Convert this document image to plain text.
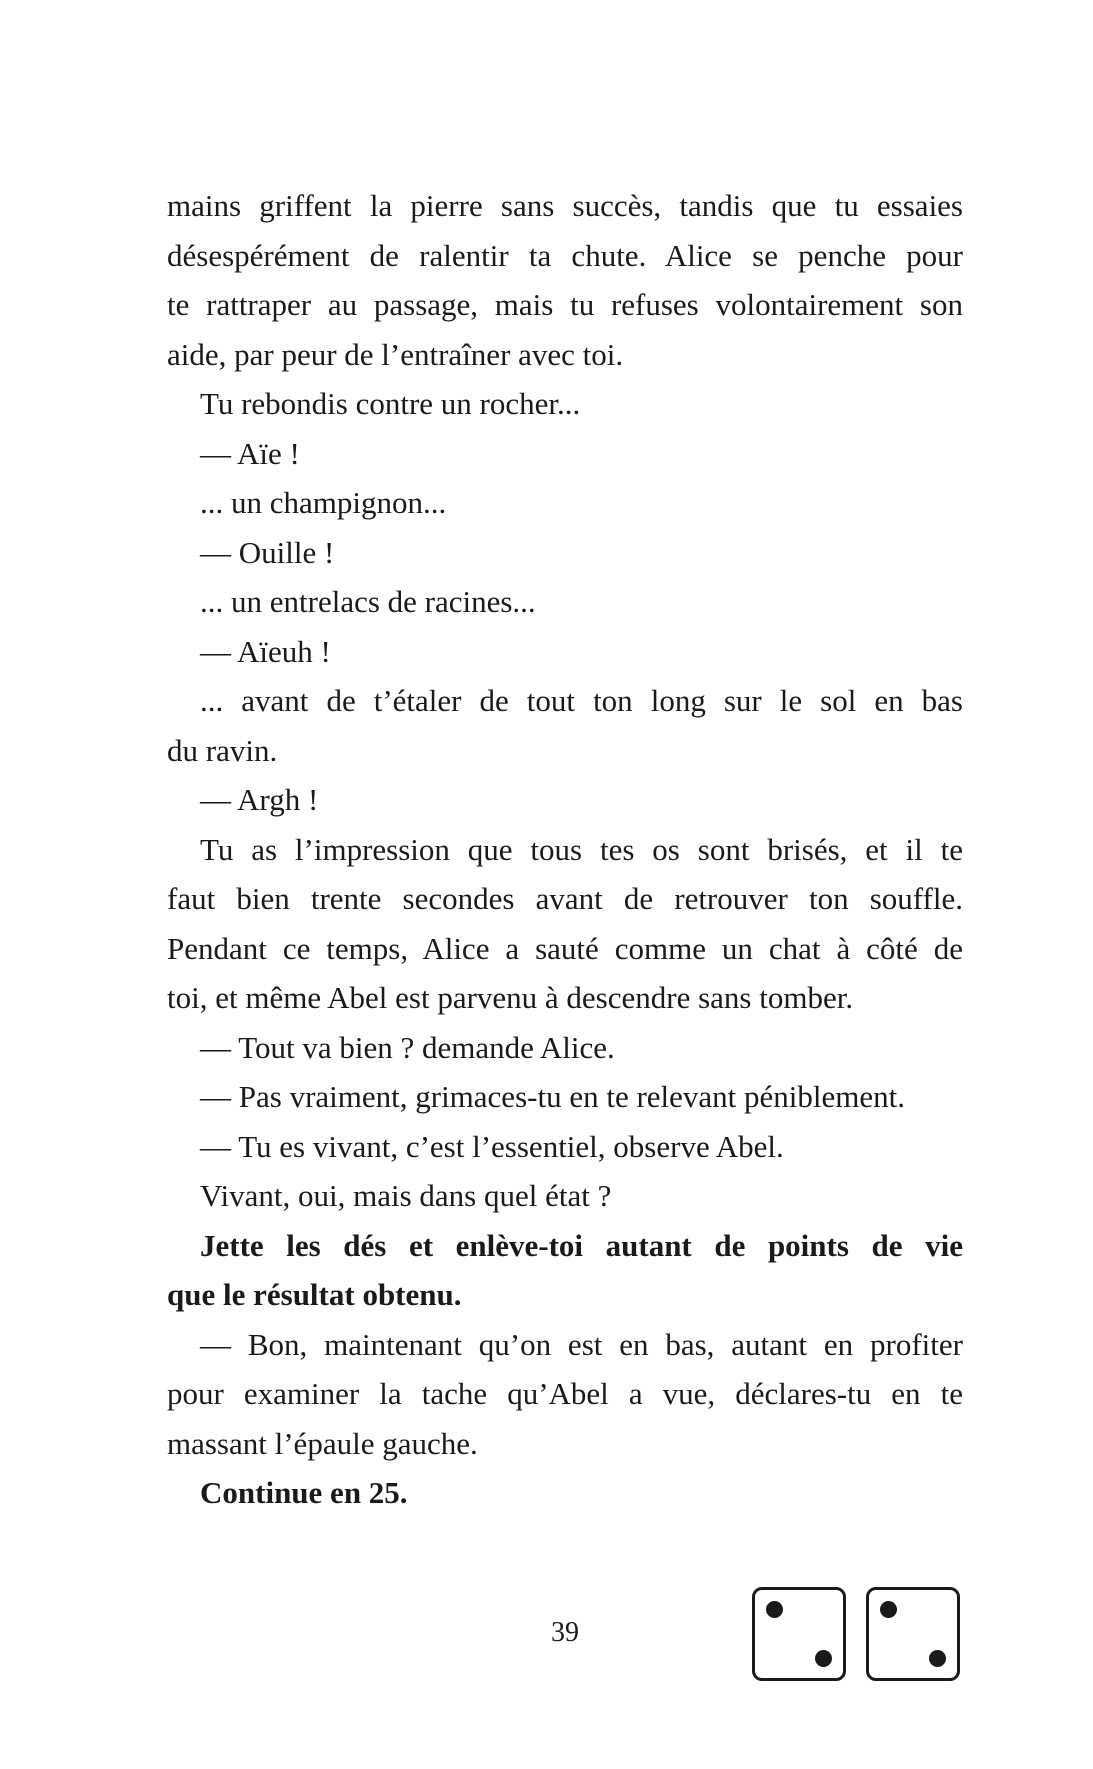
mains griffent la pierre sans succès, tandis que tu essaies
désespérément de ralentir ta chute. Alice se penche pour
te rattraper au passage, mais tu refuses volontairement son
aide, par peur de l’entraîner avec toi.
Tu rebondis contre un rocher...
— Aïe !
... un champignon...
— Ouille !
... un entrelacs de racines...
— Aïeuh !
... avant de t’étaler de tout ton long sur le sol en bas
du ravin.
— Argh !
Tu as l’impression que tous tes os sont brisés, et il te
faut bien trente secondes avant de retrouver ton souffle.
Pendant ce temps, Alice a sauté comme un chat à côté de
toi, et même Abel est parvenu à descendre sans tomber.
— Tout va bien ? demande Alice.
— Pas vraiment, grimaces-tu en te relevant péniblement.
— Tu es vivant, c’est l’essentiel, observe Abel.
Vivant, oui, mais dans quel état ?
Jette les dés et enlève-toi autant de points de vie
que le résultat obtenu.
— Bon, maintenant qu’on est en bas, autant en profiter
pour examiner la tache qu’Abel a vue, déclares-tu en te
massant l’épaule gauche.
Continue en 25.
39
